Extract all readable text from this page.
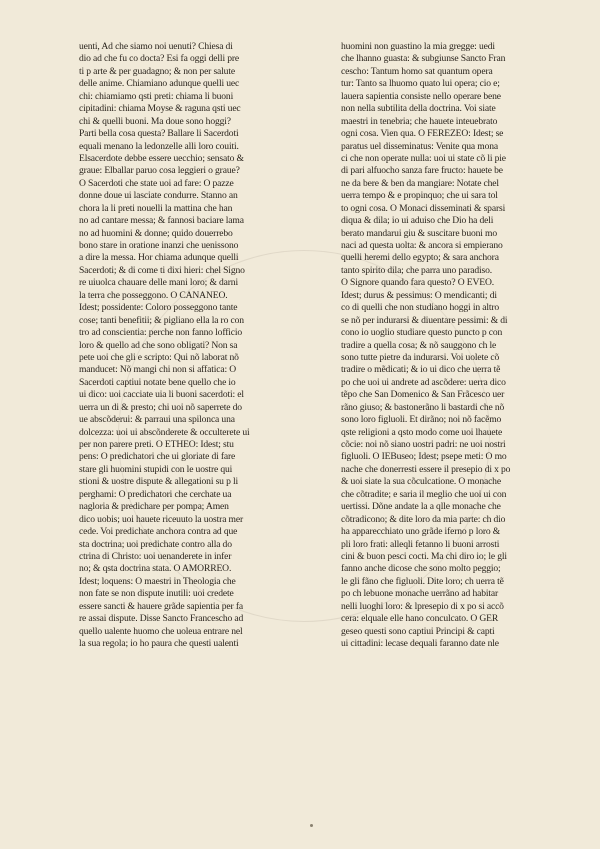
uenti, Ad che siamo noi uenuti? Chiesa di
dio ad che fu co docta? Esi fa oggi delli pre
ti p arte & per guadagno; & non per salute
delle anime. Chiamiano adunque quelli uec
chi: chiamiamo qsti preti: chiama li buoni
cipitadini: chiama Moyse & raguna qsti uec
chi & quelli buoni. Ma doue sono hoggi?
Parti bella cosa questa? Ballare li Sacerdoti
equali menano la ledonzelle alli loro couiti.
Elsacerdote debbe essere uecchio; sensato &
graue: Elballar paruo cosa leggieri o graue?
O Sacerdoti che state uoi ad fare: O pazze
donne doue ui lasciate condurre. Stanno an
chora la li preti nouelli la mattina che han
no ad cantare messa; & fannosi baciare lama
no ad huomini & donne; quido douerrebo
bono stare in oratione inanzi che uenissono
a dire la messa. Hor chiama adunque quelli
Sacerdoti; & di come ti dixi hieri: chel Signo
re uiuolca chauare delle mani loro; & darni
la terra che posseggono. O CANANEO.
Idest; possidente: Coloro posseggono tante
cose; tanti benefitii; & pigliano ella la ro con
tro ad conscientia: perche non fanno lofficio
loro & quello ad che sono obligati? Non sa
pete uoi che gli e scripto: Qui nõ laborat nõ
manducet: Nõ mangi chi non si affatica: O
Sacerdoti captiui notate bene quello che io
ui dico: uoi cacciate uia li buoni sacerdoti: el
uerra un di & presto; chi uoi nõ saperrete do
ue abscõderui: & parraui una spilonca una
dolcezza: uoi ui abscõnderete & occulterete ui
per non parere preti. O ETHEO: Idest; stu
pens: O predichatori che ui gloriate di fare
stare gli huomini stupidi con le uostre qui
stioni & uostre dispute & allegationi su p li
perghami: O predichatori che cerchate ua
nagloria & predichare per pompa; Amen
dico uobis; uoi hauete riceuuto la uostra mer
cede. Voi predichate anchora contra ad que
sta doctrina; uoi predichate contro alla do
ctrina di Christo: uoi uenanderete in infer
no; & qsta doctrina stata. O AMORREO.
Idest; loquens: O maestri in Theologia che
non fate se non dispute inutili: uoi credete
essere sancti & hauere grãde sapientia per fa
re assai dispute. Disse Sancto Francescho ad
quello ualente huomo che uoleua entrare nel
la sua regola; io ho paura che questi ualenti
huomini non guastino la mia gregge: uedi
che lhanno guasta: & subgiunse Sancto Fran
cescho: Tantum homo sat quantum opera
tur: Tanto sa lhuomo quato lui opera; cio e;
lauera sapientia consiste nello operare bene
non nella subtilita della doctrina. Voi siate
maestri in tenebria; che hauete inteuebrato
ogni cosa. Vien qua. O FEREZEO: Idest; se
paratus uel disseminatus: Venite qua mona
ci che non operate nulla: uoi ui state cõ li pie
di pari alfuocho sanza fare fructo: hauete be
ne da bere & ben da mangiare: Notate chel
uerra tempo & e propinquo; che ui sara tol
to ogni cosa. O Monaci disseminati & sparsi
diqua & dila; io ui aduiso che Dio ha deli
berato mandarui giu & suscitare buoni mo
naci ad questa uolta: & ancora si empierano
quelli heremi dello egypto; & sara anchora
tanto spirito dila; che parra uno paradiso.
O Signore quando fara questo? O EVEO.
Idest; durus & pessimus: O mendicanti; di
co di quelli che non studiano hoggi in altro
se nõ per indurarsi & diuentare pessimi: & di
cono io uoglio studiare questo puncto p con
tradire a quella cosa; & nõ sauggono ch le
sono tutte pietre da indurarsi. Voi uolete cõ
tradire o mẽdicati; & io ui dico che uerra tẽ
po che uoi ui andrete ad ascõdere: uerra dico
tẽpo che San Domenico & San Frãcesco uer
rãno giuso; & bastonerãno li bastardi che nõ
sono loro figluoli. Et dirãno; noi nõ facẽmo
qste religioni a qsto modo come uoi lhauete
cõcie: noi nõ siano uostri padri: ne uoi nostri
figluoli. O IEBuseo; Idest; psepe meti: O mo
nache che donerresti essere il presepio di x po
& uoi siate la sua cõculcatione. O monache
che cõtradite; e saria il meglio che uoi ui con
uertissi. Dõne andate la a qlle monache che
cõtradicono; & dite loro da mia parte: ch dio
ha apparecchiato uno grãde iferno p loro &
pli loro frati: alleqli fetanno li buoni arrosti
cini & buon pesci cocti. Ma chi diro io; le gli
fanno anche dicose che sono molto peggio;
le gli fãno che figluoli. Dite loro; ch uerra tẽ
po ch lebuone monache uerrãno ad habitar
nelli luoghi loro: & lpresepio di x po si accõ
cera: elquale elle hano conculcato. O GER
geseo questi sono captiui Principi & capti
ui cittadini: lecase dequali faranno date nle
